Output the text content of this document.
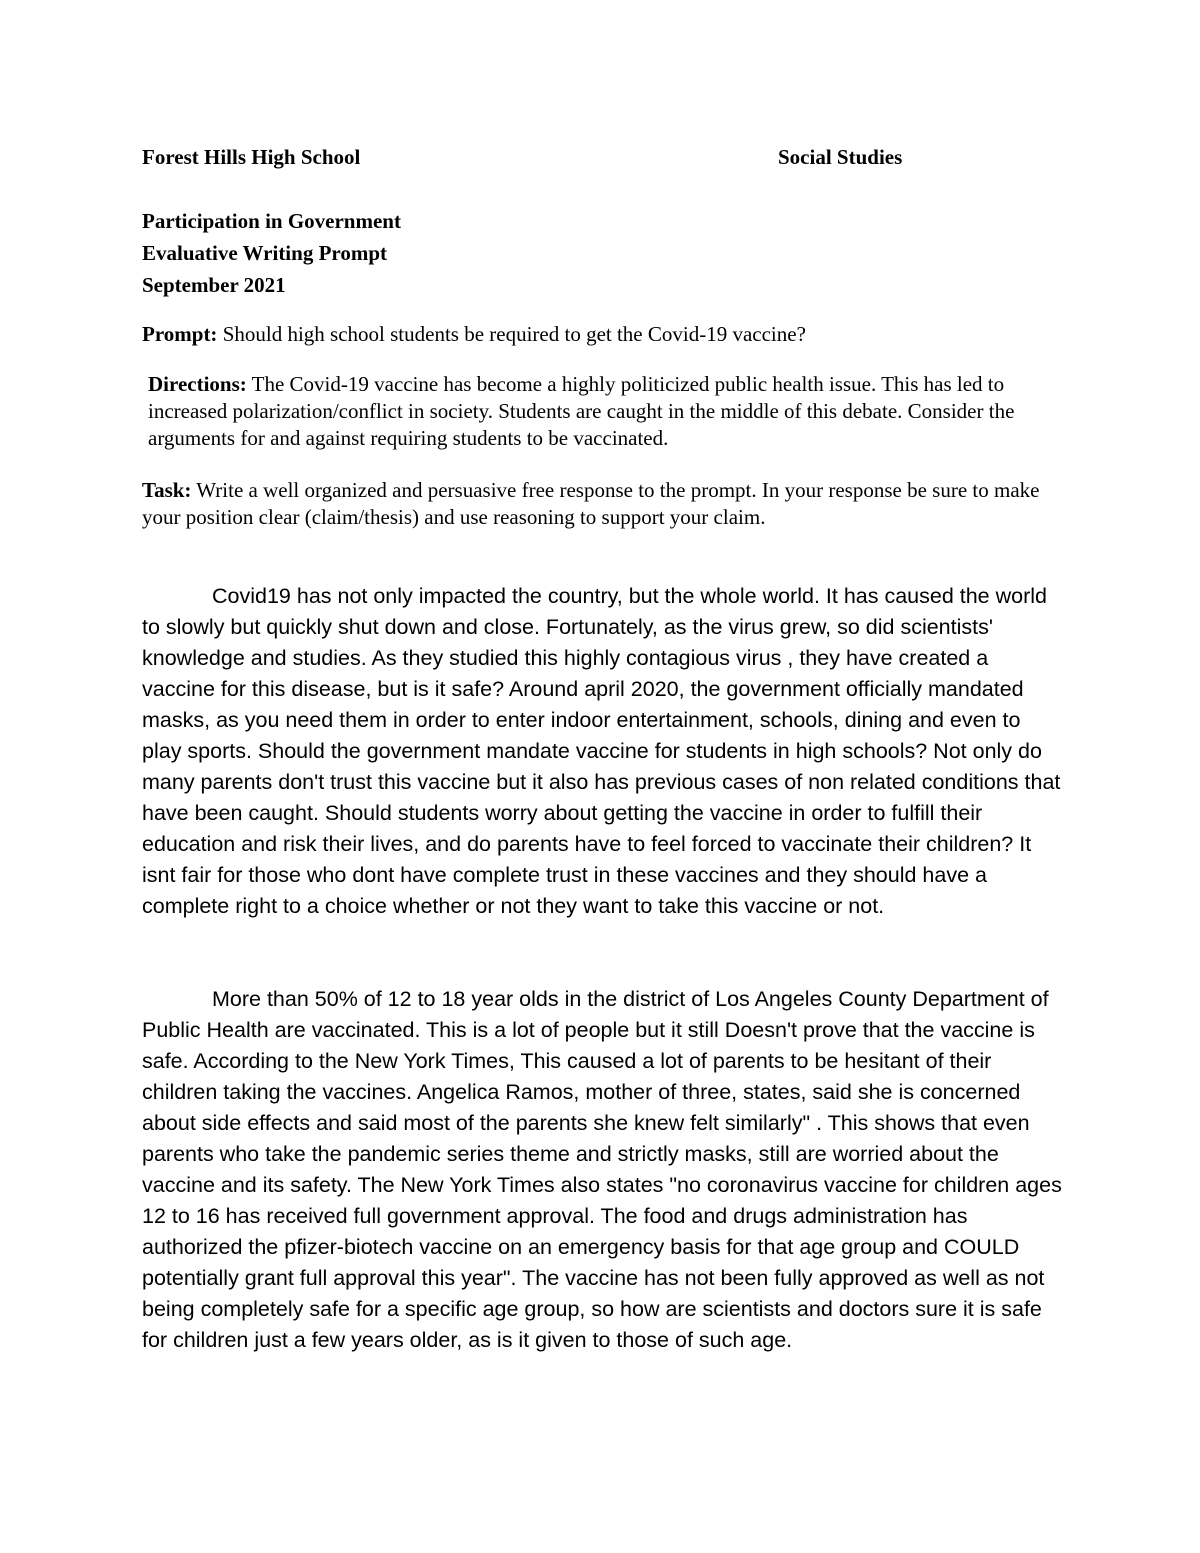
Forest Hills High School	Social Studies
Participation in Government
Evaluative Writing Prompt
September 2021
Prompt: Should high school students be required to get the Covid-19 vaccine?
Directions: The Covid-19 vaccine has become a highly politicized public health issue. This has led to increased polarization/conflict in society. Students are caught in the middle of this debate. Consider the arguments for and against requiring students to be vaccinated.
Task: Write a well organized and persuasive free response to the prompt. In your response be sure to make your position clear (claim/thesis) and use reasoning to support your claim.

Covid19 has not only impacted the country, but the whole world. It has caused the world to slowly but quickly shut down and close. Fortunately, as the virus grew, so did scientists' knowledge and studies. As they studied this highly contagious virus , they have created a vaccine for this disease, but is it safe? Around april 2020, the government officially mandated masks, as you need them in order to enter indoor entertainment, schools, dining and even to play sports. Should the government mandate vaccine for students in high schools? Not only do many parents don't trust this vaccine but it also has previous cases of non related conditions that have been caught. Should students worry about getting the vaccine in order to fulfill their education and risk their lives, and do parents have to feel forced to vaccinate their children? It isnt fair for those who dont have complete trust in these vaccines and they should have a complete right to a choice whether or not they want to take this vaccine or not.

More than 50% of 12 to 18 year olds in the district of Los Angeles County Department of Public Health are vaccinated. This is a lot of people but it still Doesn't prove that the vaccine is safe. According to the New York Times, This caused a lot of parents to be hesitant of their children taking the vaccines. Angelica Ramos, mother of three, states, said she is concerned about side effects and said most of the parents she knew felt similarly" . This shows that even parents who take the pandemic series theme and strictly masks, still are worried about the vaccine and its safety. The New York Times also states "no coronavirus vaccine for children ages 12 to 16 has received full government approval. The food and drugs administration has authorized the pfizer-biotech vaccine on an emergency basis for that age group and COULD potentially grant full approval this year". The vaccine has not been fully approved as well as not being completely safe for a specific age group, so how are scientists and doctors sure it is safe for children just a few years older, as is it given to those of such age.
